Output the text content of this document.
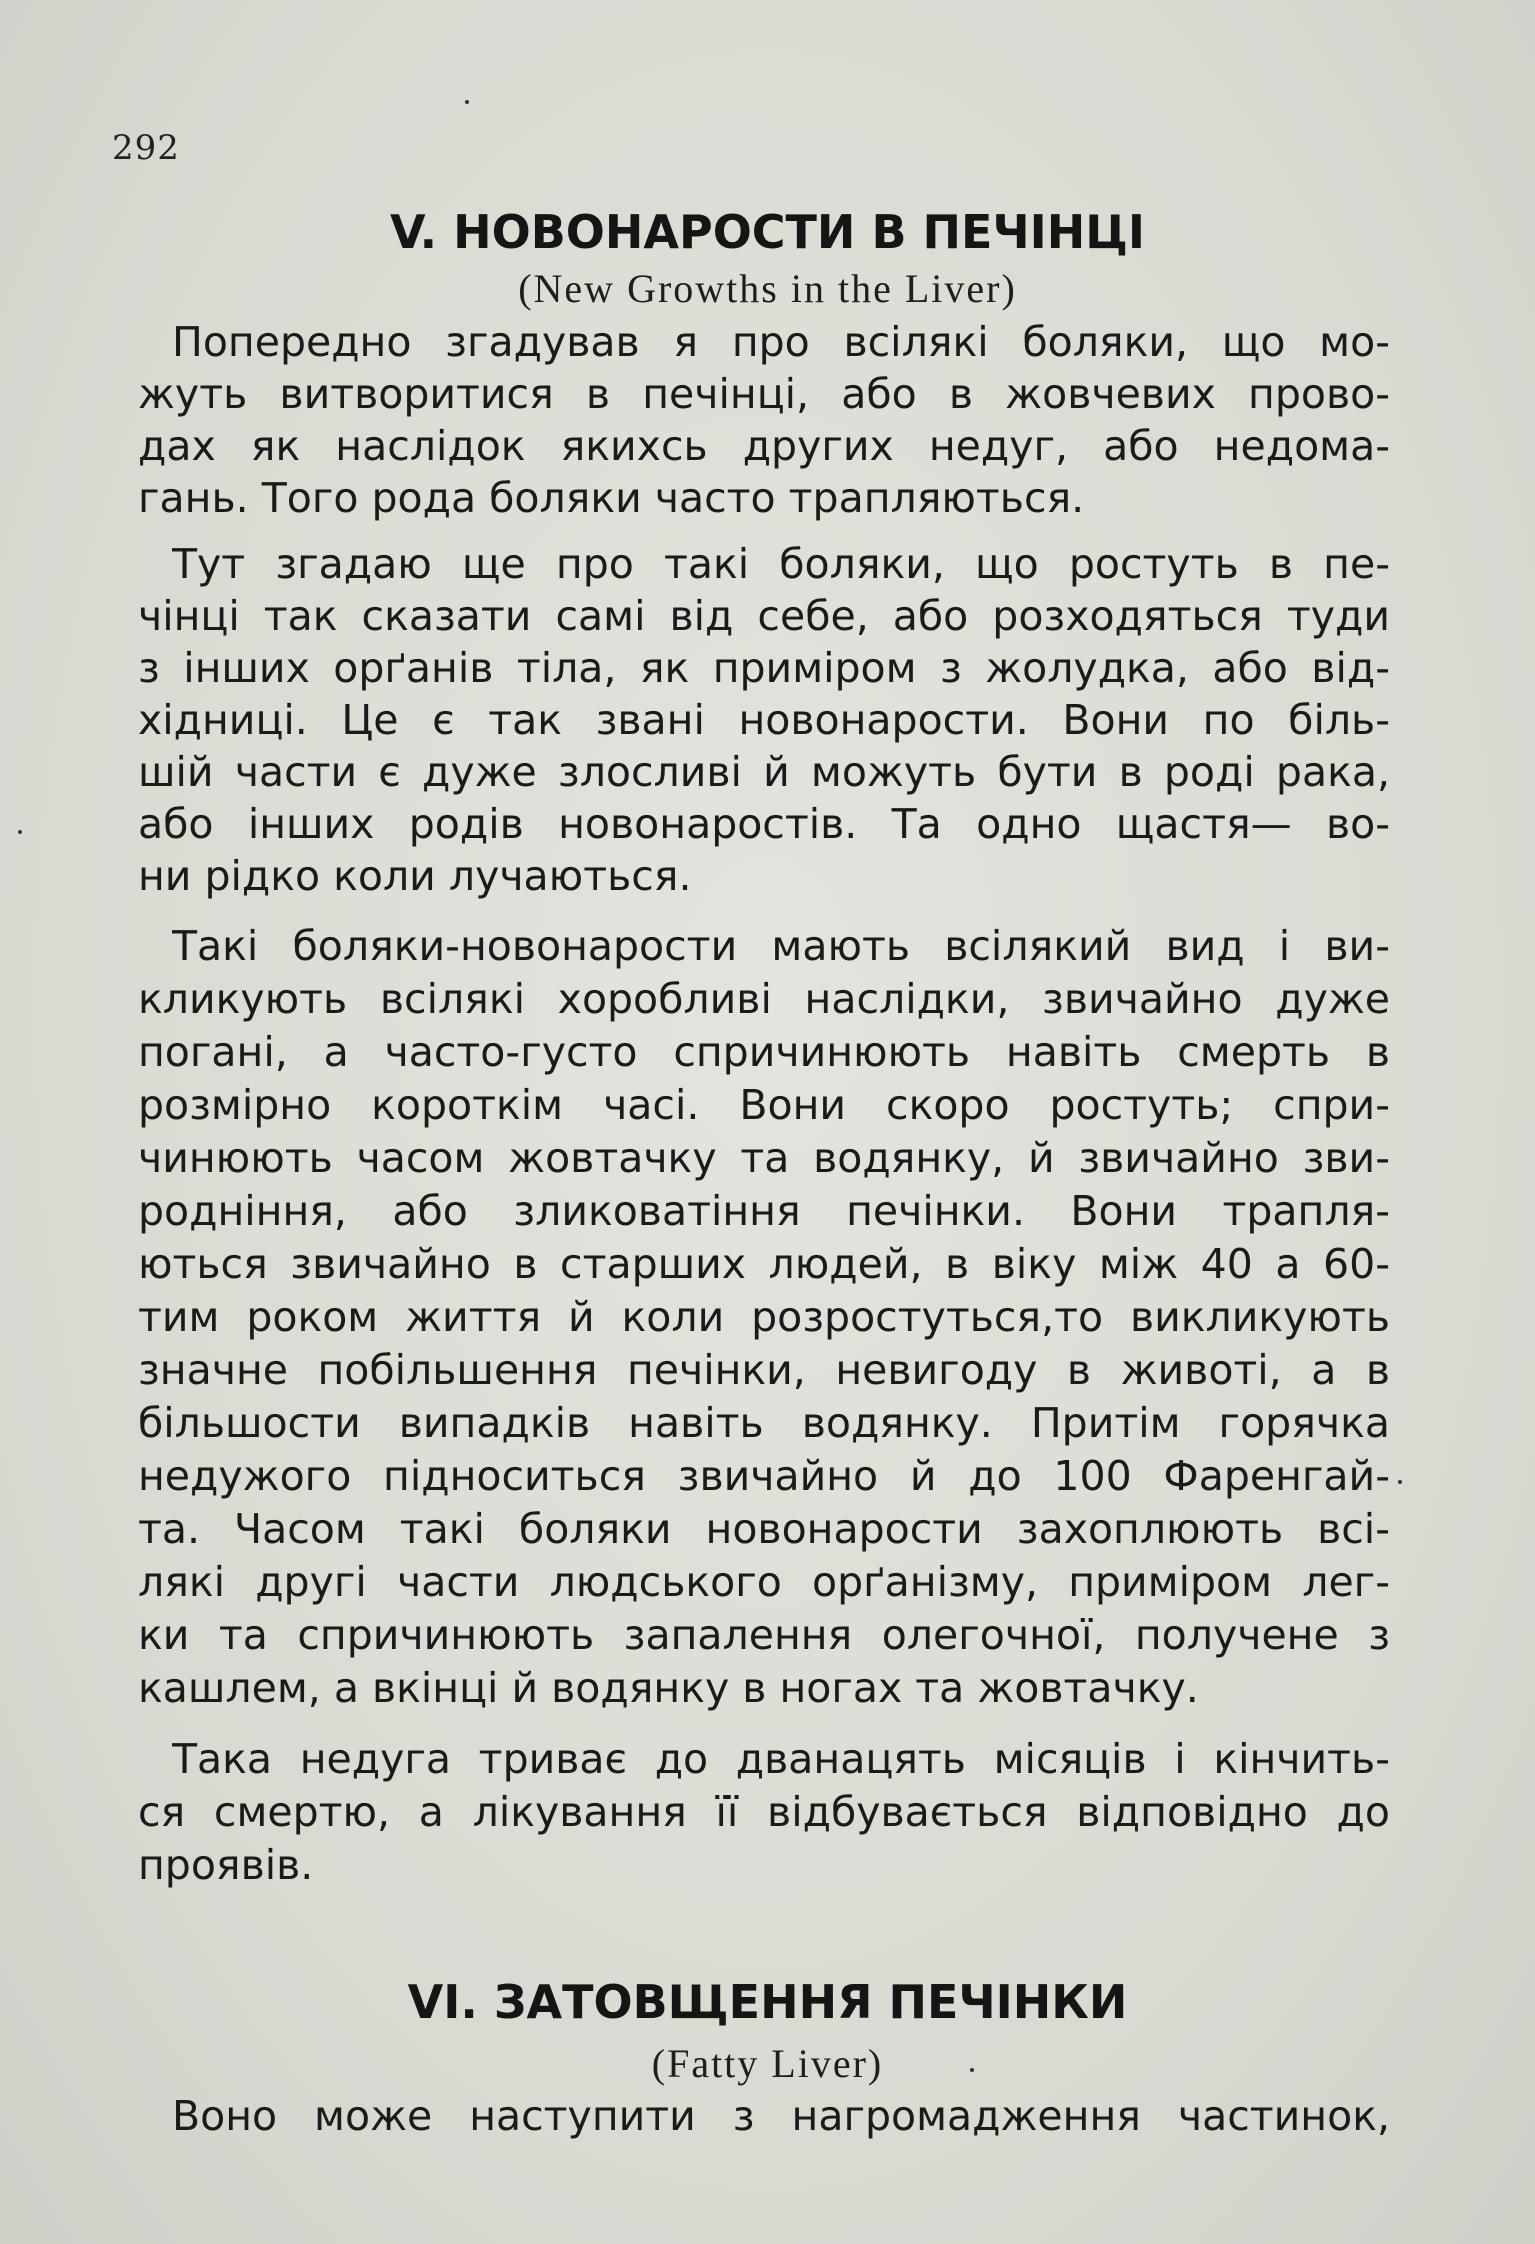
292
V. НОВОНАРОСТИ В ПЕЧІНЦІ
(New Growths in the Liver)
Попередно згадував я про всілякі боляки, що мо-
жуть витворитися в печінці, або в жовчевих прово-
дах як наслідок якихсь других недуг, або недома-
гань. Того рода боляки часто трапляються.
Тут згадаю ще про такі боляки, що ростуть в пе-
чінці так сказати самі від себе, або розходяться туди
з інших орґанів тіла, як приміром з жолудка, або від-
хідниці. Це є так звані новонарости. Вони по біль-
шій части є дуже злосливі й можуть бути в роді рака,
або інших родів новонаростів. Та одно щастя— во-
ни рідко коли лучаються.
Такі боляки-новонарости мають всілякий вид і ви-
кликують всілякі хоробливі наслідки, звичайно дуже
погані, а часто-густо спричинюють навіть смерть в
розмірно короткім часі. Вони скоро ростуть; спри-
чинюють часом жовтачку та водянку, й звичайно зви-
родніння, або зликоватіння печінки. Вони трапля-
ються звичайно в старших людей, в віку між 40 а 60-
тим роком життя й коли розростуться,то викликують
значне побільшення печінки, невигоду в животі, а в
більшости випадків навіть водянку. Притім горячка
недужого підноситься звичайно й до 100 Фаренгай-
та. Часом такі боляки новонарости захоплюють всі-
лякі другі части людського орґанізму, приміром лег-
ки та спричинюють запалення олегочної, получене з
кашлем, а вкінці й водянку в ногах та жовтачку.
Така недуга триває до дванацять місяців і кінчить-
ся смертю, а лікування її відбувається відповідно до
проявів.
VI. ЗАТОВЩЕННЯ ПЕЧІНКИ
(Fatty Liver)
Воно може наступити з нагромадження частинок,
